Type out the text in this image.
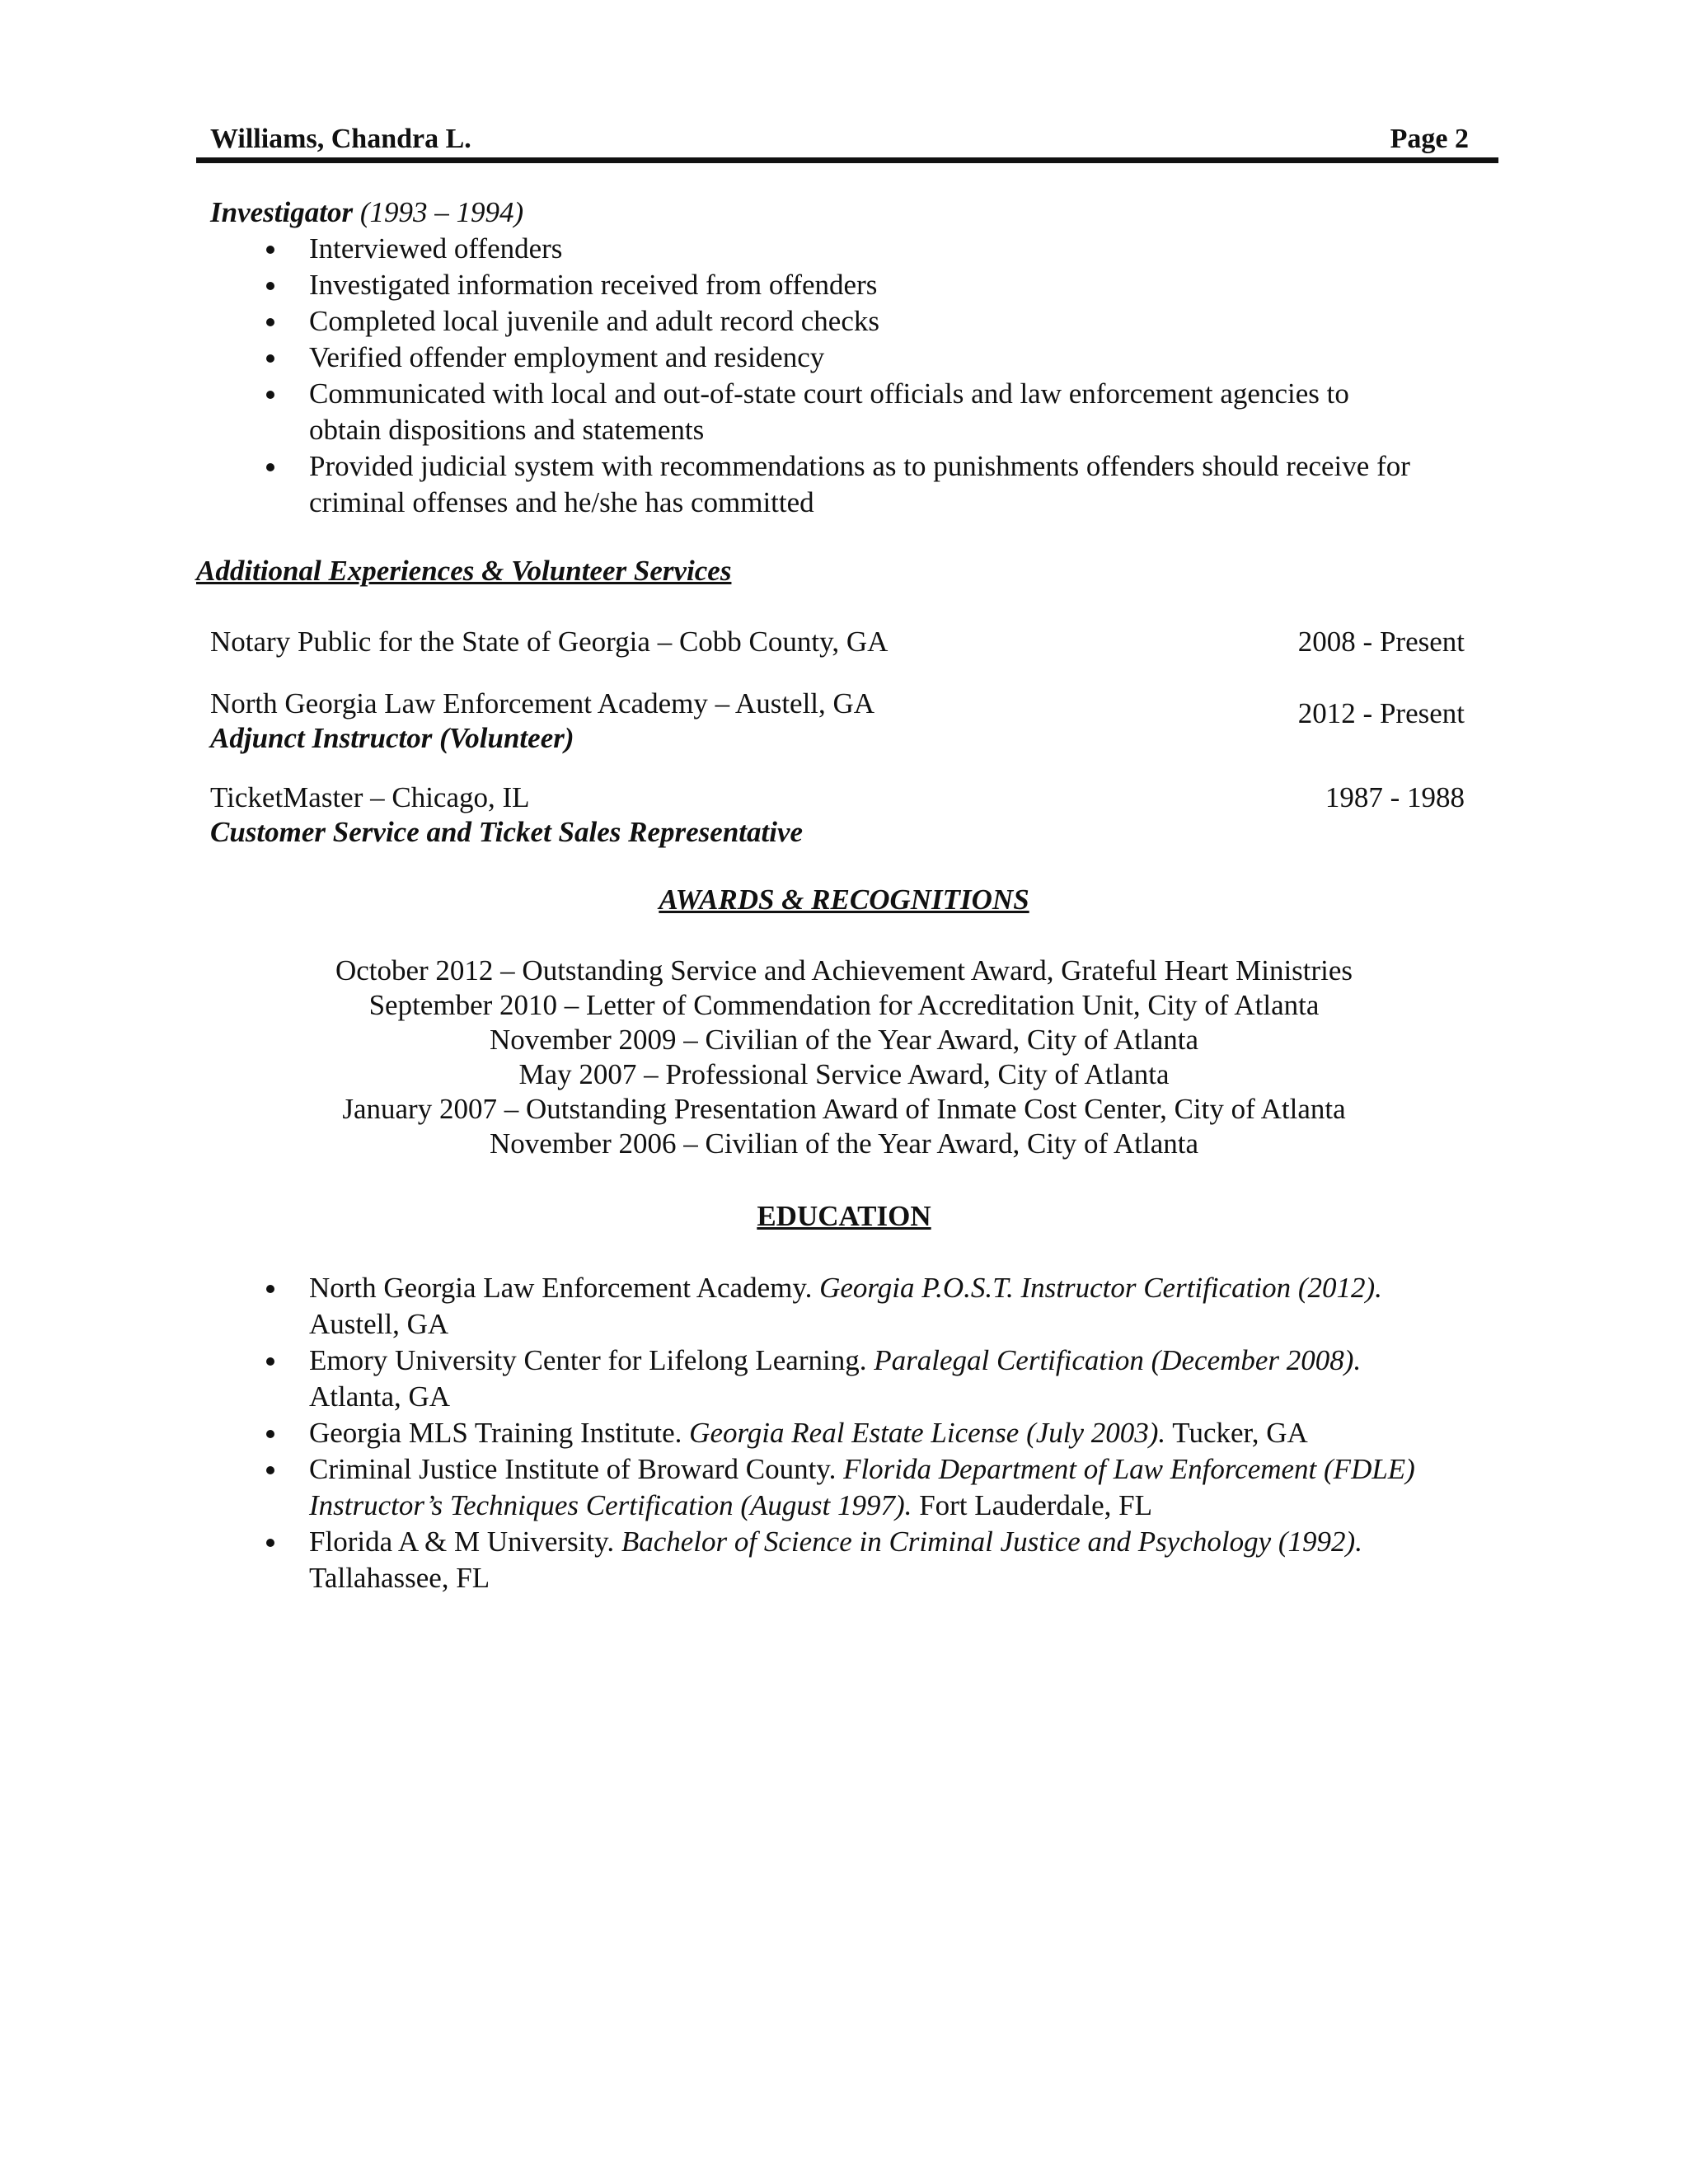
Williams, Chandra L.	Page 2
Investigator (1993 – 1994)
Interviewed offenders
Investigated information received from offenders
Completed local juvenile and adult record checks
Verified offender employment and residency
Communicated with local and out-of-state court officials and law enforcement agencies to
obtain dispositions and statements
Provided judicial system with recommendations as to punishments offenders should receive for
criminal offenses and he/she has committed
Additional Experiences & Volunteer Services
Notary Public for the State of Georgia – Cobb County, GA	2008 - Present
North Georgia Law Enforcement Academy – Austell, GA
Adjunct Instructor (Volunteer)
2012 - Present
TicketMaster – Chicago, IL
Customer Service and Ticket Sales Representative
1987 - 1988
AWARDS & RECOGNITIONS
October 2012 – Outstanding Service and Achievement Award, Grateful Heart Ministries
September 2010 – Letter of Commendation for Accreditation Unit, City of Atlanta
November 2009 – Civilian of the Year Award, City of Atlanta
May 2007 – Professional Service Award, City of Atlanta
January 2007 – Outstanding Presentation Award of Inmate Cost Center, City of Atlanta
November 2006 – Civilian of the Year Award, City of Atlanta
EDUCATION
North Georgia Law Enforcement Academy. Georgia P.O.S.T. Instructor Certification (2012).
Austell, GA
Emory University Center for Lifelong Learning. Paralegal Certification (December 2008).
Atlanta, GA
Georgia MLS Training Institute. Georgia Real Estate License (July 2003). Tucker, GA
Criminal Justice Institute of Broward County. Florida Department of Law Enforcement (FDLE)
Instructor’s Techniques Certification (August 1997). Fort Lauderdale, FL
Florida A & M University. Bachelor of Science in Criminal Justice and Psychology (1992).
Tallahassee, FL
